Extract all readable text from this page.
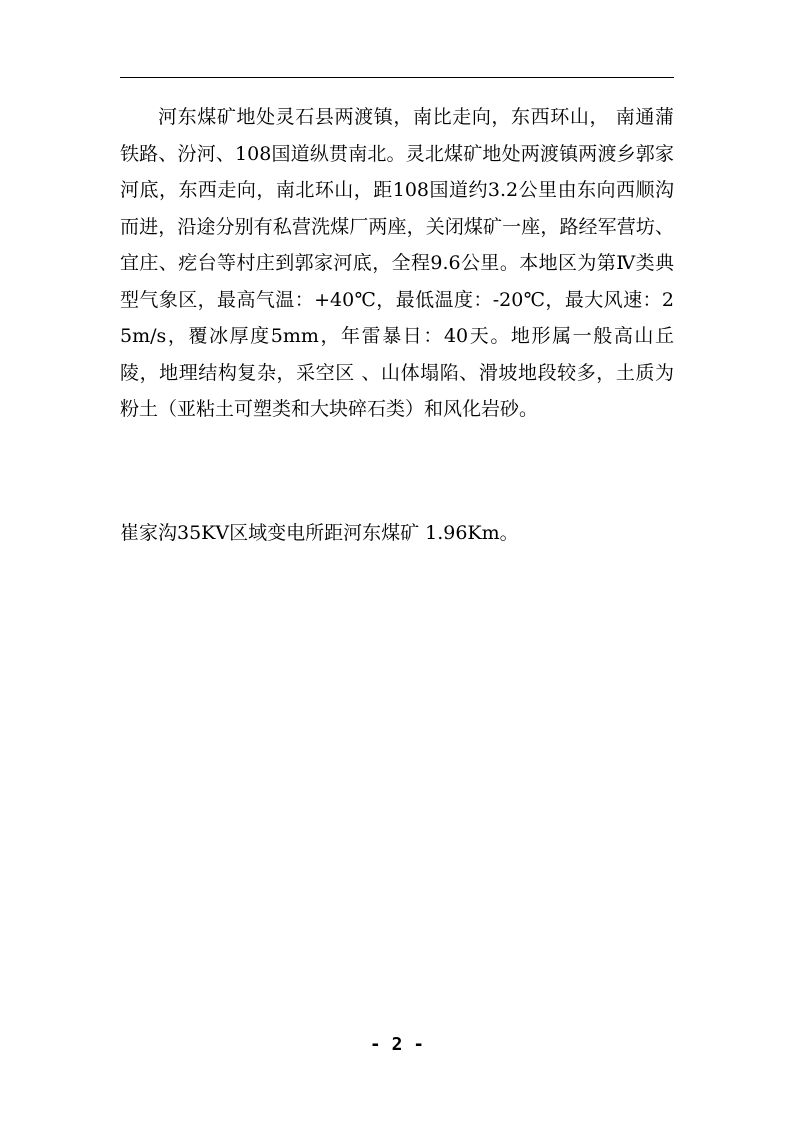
河东煤矿地处灵石县两渡镇，南比走向，东西环山， 南通蒲铁路、汾河、108国道纵贯南北。灵北煤矿地处两渡镇两渡乡郭家河底，东西走向，南北环山，距108国道约3.2公里由东向西顺沟而进，沿途分别有私营洗煤厂两座，关闭煤矿一座，路经军营坊、宜庄、疙台等村庄到郭家河底，全程9.6公里。本地区为第Ⅳ类典型气象区，最高气温：+40℃，最低温度：-20℃，最大风速：25m/s，覆冰厚度5mm，年雷暴日：40天。地形属一般高山丘陵，地理结构复杂，采空区 、山体塌陷、滑坡地段较多，土质为粉土（亚粘土可塑类和大块碎石类）和风化岩砂。

崔家沟35KV区域变电所距河东煤矿 1.96Km。

- 2 -
